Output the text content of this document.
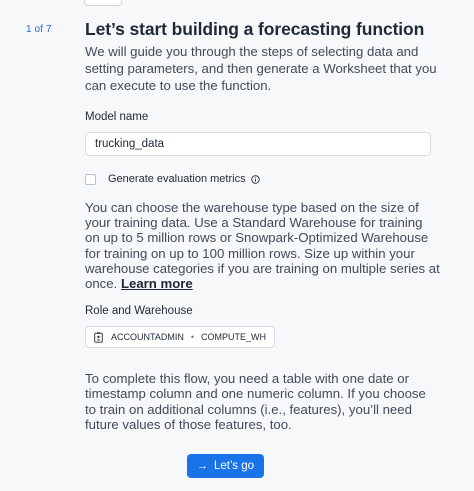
1 of 7 Let’s start building a forecasting function
We will guide you through the steps of selecting data and setting parameters, and then generate a Worksheet that you can execute to use the function.
Model name
trucking_data
Generate evaluation metrics
You can choose the warehouse type based on the size of your training data. Use a Standard Warehouse for training on up to 5 million rows or Snowpark-Optimized Warehouse for training on up to 100 million rows. Size up within your warehouse categories if you are training on multiple series at once. Learn more
Role and Warehouse
ACCOUNTADMIN • COMPUTE_WH
To complete this flow, you need a table with one date or timestamp column and one numeric column. If you choose to train on additional columns (i.e., features), you’ll need future values of those features, too.
→ Let’s go
